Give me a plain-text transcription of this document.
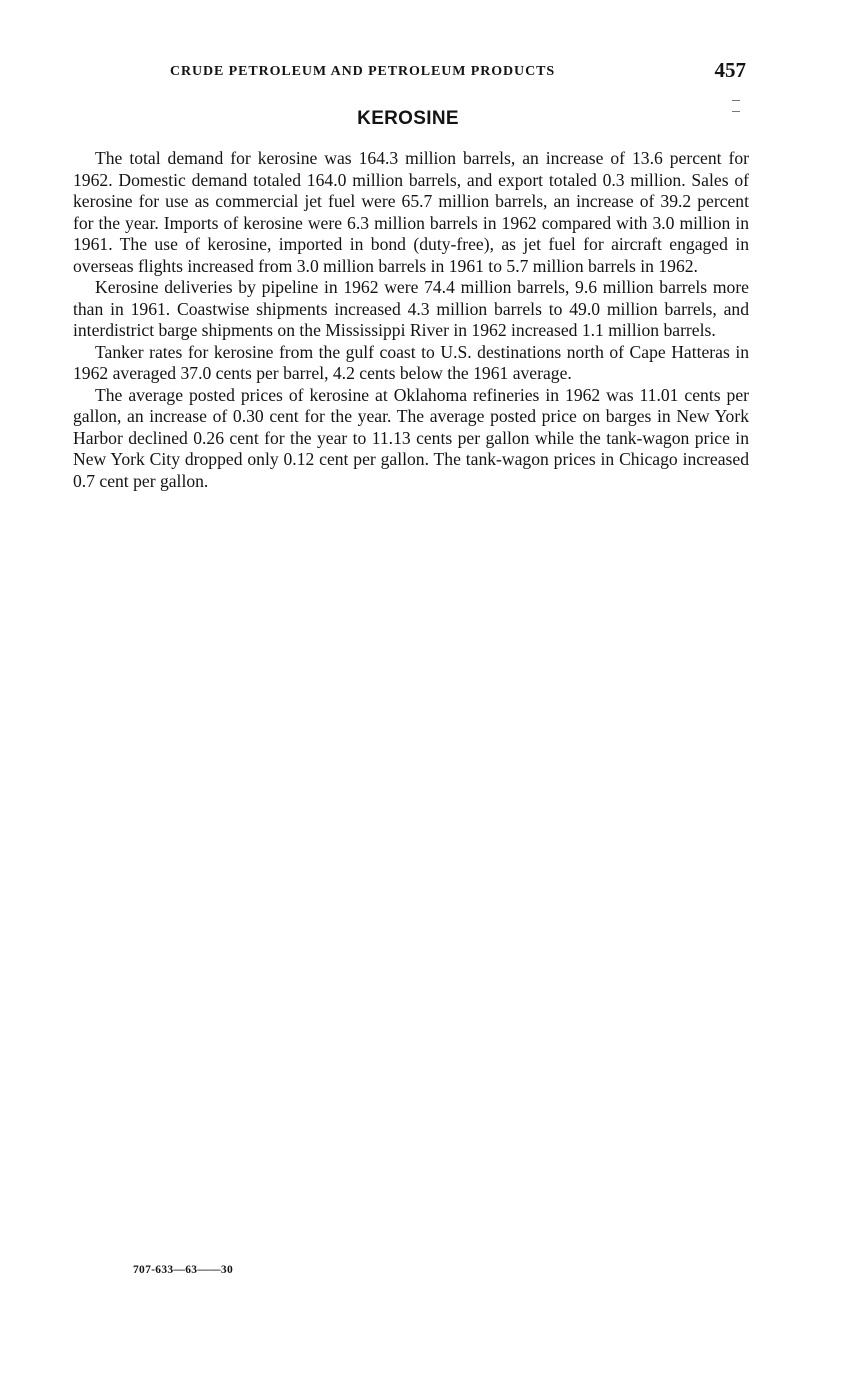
CRUDE PETROLEUM AND PETROLEUM PRODUCTS	457
KEROSINE

The total demand for kerosine was 164.3 million barrels, an increase of 13.6 percent for 1962. Domestic demand totaled 164.0 million barrels, and export totaled 0.3 million. Sales of kerosine for use as commercial jet fuel were 65.7 million barrels, an increase of 39.2 percent for the year. Imports of kerosine were 6.3 million barrels in 1962 compared with 3.0 million in 1961. The use of kerosine, imported in bond (duty-free), as jet fuel for aircraft engaged in overseas flights increased from 3.0 million barrels in 1961 to 5.7 million barrels in 1962.

Kerosine deliveries by pipeline in 1962 were 74.4 million barrels, 9.6 million barrels more than in 1961. Coastwise shipments increased 4.3 million barrels to 49.0 million barrels, and interdistrict barge shipments on the Mississippi River in 1962 increased 1.1 million barrels.

Tanker rates for kerosine from the gulf coast to U.S. destinations north of Cape Hatteras in 1962 averaged 37.0 cents per barrel, 4.2 cents below the 1961 average.

The average posted prices of kerosine at Oklahoma refineries in 1962 was 11.01 cents per gallon, an increase of 0.30 cent for the year. The average posted price on barges in New York Harbor declined 0.26 cent for the year to 11.13 cents per gallon while the tank-wagon price in New York City dropped only 0.12 cent per gallon. The tank-wagon prices in Chicago increased 0.7 cent per gallon.

707-633—63——30
